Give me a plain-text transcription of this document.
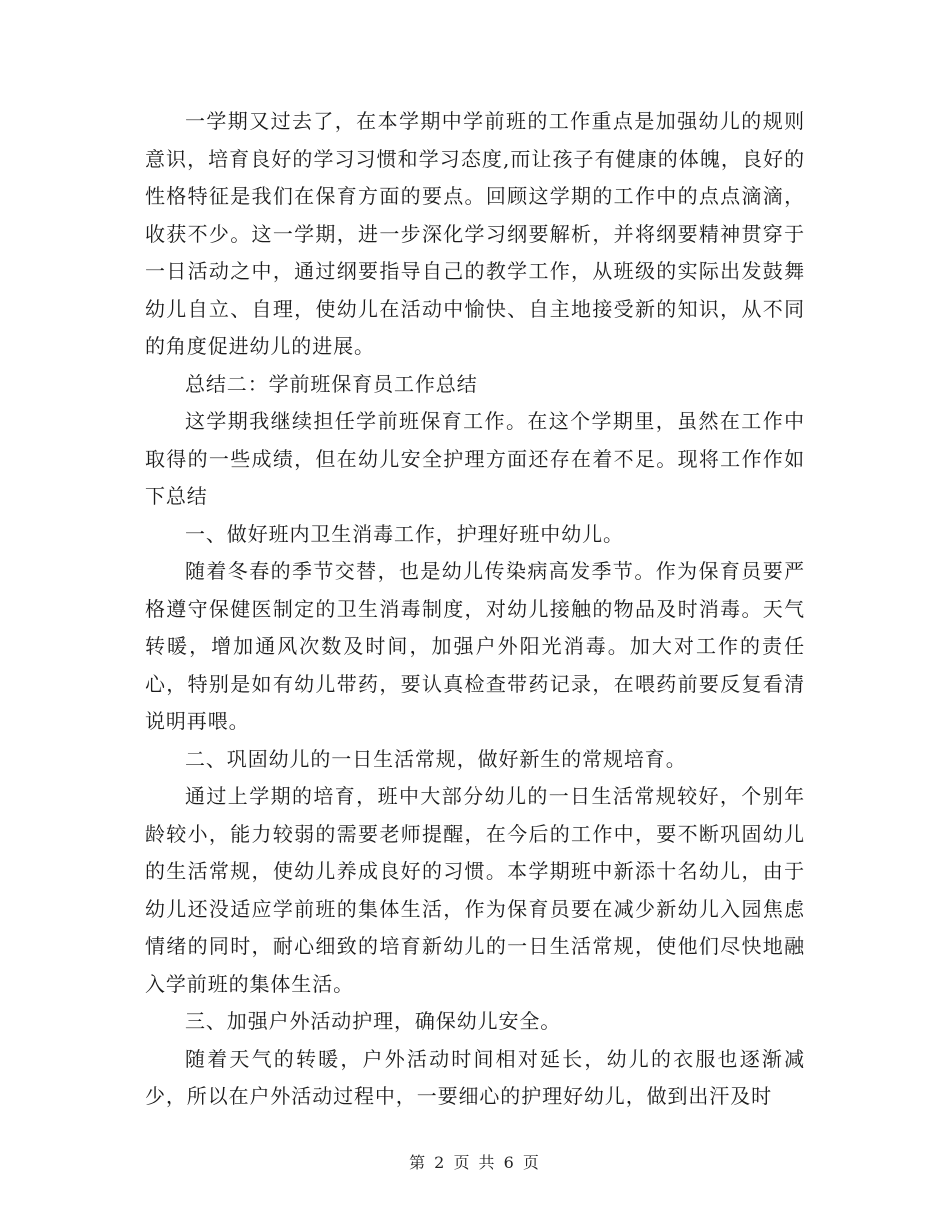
一学期又过去了，在本学期中学前班的工作重点是加强幼儿的规则意识，培育良好的学习习惯和学习态度,而让孩子有健康的体魄，良好的性格特征是我们在保育方面的要点。回顾这学期的工作中的点点滴滴，收获不少。这一学期，进一步深化学习纲要解析，并将纲要精神贯穿于一日活动之中，通过纲要指导自己的教学工作，从班级的实际出发鼓舞幼儿自立、自理，使幼儿在活动中愉快、自主地接受新的知识，从不同的角度促进幼儿的进展。

总结二：学前班保育员工作总结

这学期我继续担任学前班保育工作。在这个学期里，虽然在工作中取得的一些成绩，但在幼儿安全护理方面还存在着不足。现将工作作如下总结

一、做好班内卫生消毒工作，护理好班中幼儿。

随着冬春的季节交替，也是幼儿传染病高发季节。作为保育员要严格遵守保健医制定的卫生消毒制度，对幼儿接触的物品及时消毒。天气转暖，增加通风次数及时间，加强户外阳光消毒。加大对工作的责任心，特别是如有幼儿带药，要认真检查带药记录，在喂药前要反复看清说明再喂。

二、巩固幼儿的一日生活常规，做好新生的常规培育。

通过上学期的培育，班中大部分幼儿的一日生活常规较好，个别年龄较小，能力较弱的需要老师提醒，在今后的工作中，要不断巩固幼儿的生活常规，使幼儿养成良好的习惯。本学期班中新添十名幼儿，由于幼儿还没适应学前班的集体生活，作为保育员要在减少新幼儿入园焦虑情绪的同时，耐心细致的培育新幼儿的一日生活常规，使他们尽快地融入学前班的集体生活。

三、加强户外活动护理，确保幼儿安全。

随着天气的转暖，户外活动时间相对延长，幼儿的衣服也逐渐减少，所以在户外活动过程中，一要细心的护理好幼儿，做到出汗及时

第 2 页 共 6 页
